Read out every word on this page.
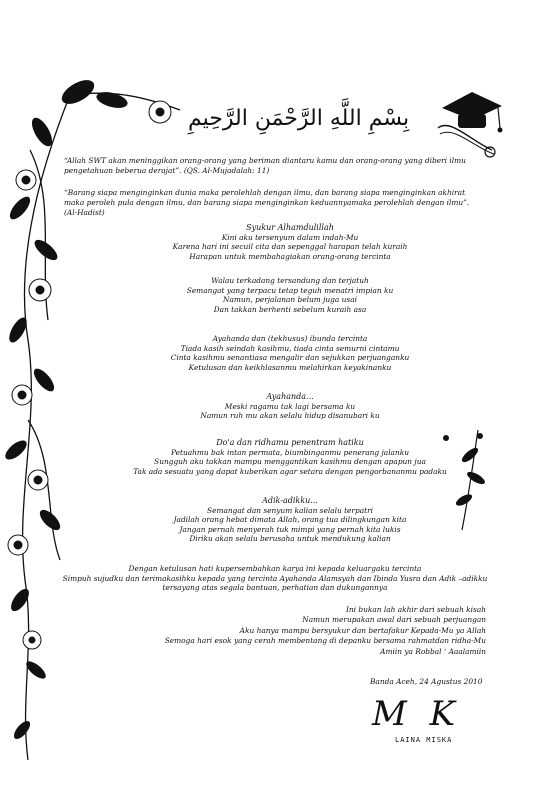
بِسْمِ اللَّهِ الرَّحْمَنِ الرَّحِيمِ
“Allah SWT akan meninggikan orang-orang yang beriman diantaru kamu dan orang-orang yang diberi ilmu pengetahuan beberua derajat”. (QS. Al-Mujadalah: 11)
“Barang siapa menginginkan dunia maka perolehlah dengan ilmu, dan barang siapa menginginkan akhirat maka peroleh pula dengan ilmu, dan barang siapa menginginkan keduannyamaka perolehlah dengan ilmu”. (Al-Hadist)
Syukur Alhamdulillah
Kini aku tersenyum dalam indah-Mu
Karena hari ini secuil cita dan sepenggal harapan telah kuraih
Harapan untuk membahagiakan orang-orang tercinta
Walau terkadang tersandung dan terjatuh
Semangat yang terpacu tetap teguh menatri impian ku
Namun, perjalanan belum juga usai
Dan takkan berhenti sebelum kuraih asa
Ayahanda dan (tekhusus) ibunda tercinta
Tiada kasih seindah kasihmu, tiada cinta semurni cintamu
Cinta kasihmu senantiasa mengalir dan sejukkan perjuanganku
Ketulusan dan keikhlasanmu melahirkan keyakinanku
Ayahanda...
Meski ragamu tak lagi bersama ku
Namun ruh mu akan selalu hidup disanubari ku
Do'a dan ridhamu penentram hatiku
Petuahmu bak intan permata, biumbinganmu penerang jalanku
Sungguh aku takkan mampu menggantikan kasihmu dengan apapun jua
Tak ada sesuatu yang dapat kuberikan agar setara dengan pengorbananmu padaku
Adik-adikku...
Semangat dan senyum kalian selalu terpatri
Jadilah orang hebat dimata Allah, orang tua dilingkungan kita
Jangan pernah menyerah tuk mimpi yang pernah kita lukis
Diriku akan selalu berusaha untuk mendukung kalian
Dengan ketulusan hati kupersembahkan karya ini kepada keluargaku tercinta
Simpuh sujudku dan terimakasihku kepada yang tercinta Ayahanda Alamsyah dan Ibinda Yusra dan Adik –adikku
tersayang atas segala bantuan, perhatian dan dukungannya
Ini bukan lah akhir dari sebuah kisah
Namun merupakan awal dari sebuah perjuangan
Aku hanya mampu bersyukur dan bertafakur Kepada-Mu ya Allah
Semoga hari esok yang cerah membentang di depanku bersama rahmatdan ridha-Mu
Amiin ya Robbal ‘ Aaalamiin
Banda Aceh, 24 Agustus 2010
M K
LAINA MISKA
